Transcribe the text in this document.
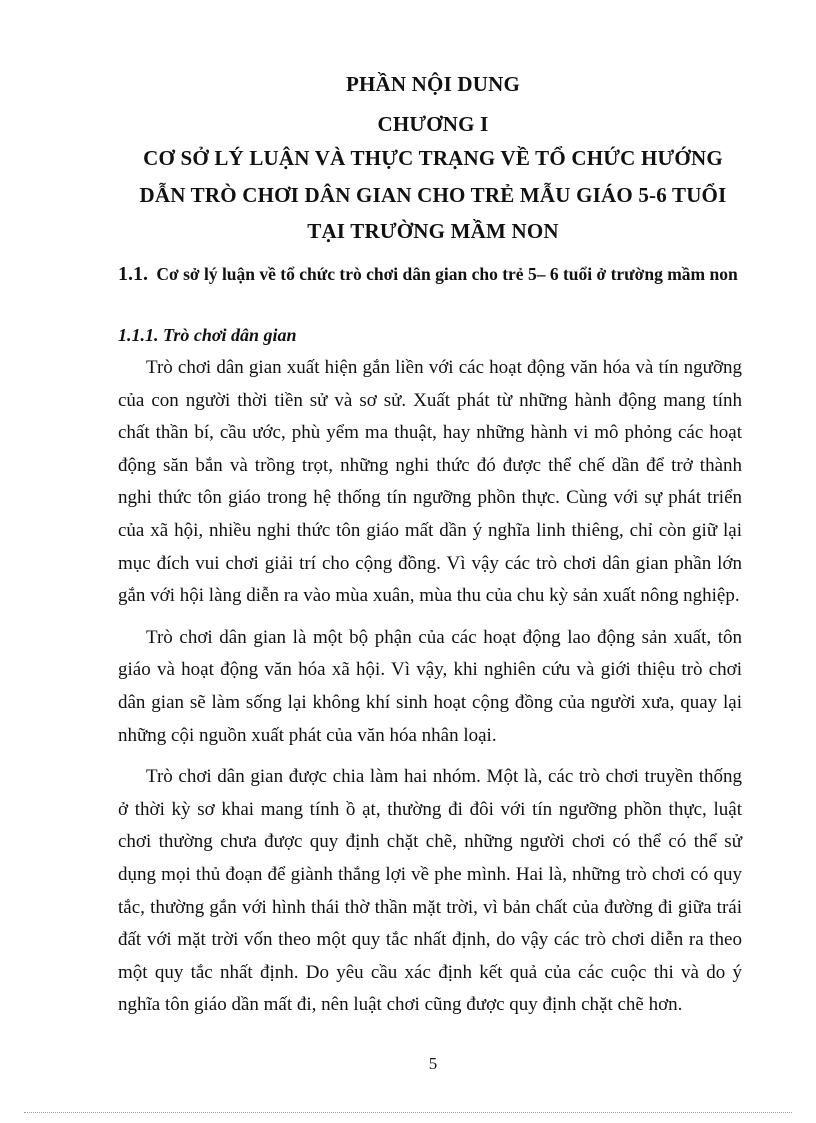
PHẦN NỘI DUNG
CHƯƠNG I
CƠ SỞ LÝ LUẬN VÀ THỰC TRẠNG VỀ TỔ CHỨC HƯỚNG
DẪN TRÒ CHƠI DÂN GIAN CHO TRẺ MẪU GIÁO 5-6 TUỔI
TẠI TRƯỜNG MẦM NON
1.1. Cơ sở lý luận về tổ chức trò chơi dân gian cho trẻ 5– 6 tuổi ở trường mầm non
1.1.1. Trò chơi dân gian

Trò chơi dân gian xuất hiện gắn liền với các hoạt động văn hóa và tín ngưỡng của con người thời tiền sử và sơ sử. Xuất phát từ những hành động mang tính chất thần bí, cầu ước, phù yểm ma thuật, hay những hành vi mô phỏng các hoạt động săn bắn và trồng trọt, những nghi thức đó được thể chế dần để trở thành nghi thức tôn giáo trong hệ thống tín ngưỡng phồn thực. Cùng với sự phát triển của xã hội, nhiều nghi thức tôn giáo mất dần ý nghĩa linh thiêng, chỉ còn giữ lại mục đích vui chơi giải trí cho cộng đồng. Vì vậy các trò chơi dân gian phần lớn gắn với hội làng diễn ra vào mùa xuân, mùa thu của chu kỳ sản xuất nông nghiệp.

Trò chơi dân gian là một bộ phận của các hoạt động lao động sản xuất, tôn giáo và hoạt động văn hóa xã hội. Vì vậy, khi nghiên cứu và giới thiệu trò chơi dân gian sẽ làm sống lại không khí sinh hoạt cộng đồng của người xưa, quay lại những cội nguồn xuất phát của văn hóa nhân loại.

Trò chơi dân gian được chia làm hai nhóm. Một là, các trò chơi truyền thống ở thời kỳ sơ khai mang tính ồ ạt, thường đi đôi với tín ngưỡng phồn thực, luật chơi thường chưa được quy định chặt chẽ, những người chơi có thể có thể sử dụng mọi thủ đoạn để giành thắng lợi về phe mình. Hai là, những trò chơi có quy tắc, thường gắn với hình thái thờ thần mặt trời, vì bản chất của đường đi giữa trái đất với mặt trời vốn theo một quy tắc nhất định, do vậy các trò chơi diễn ra theo một quy tắc nhất định. Do yêu cầu xác định kết quả của các cuộc thi và do ý nghĩa tôn giáo dần mất đi, nên luật chơi cũng được quy định chặt chẽ hơn.

5
